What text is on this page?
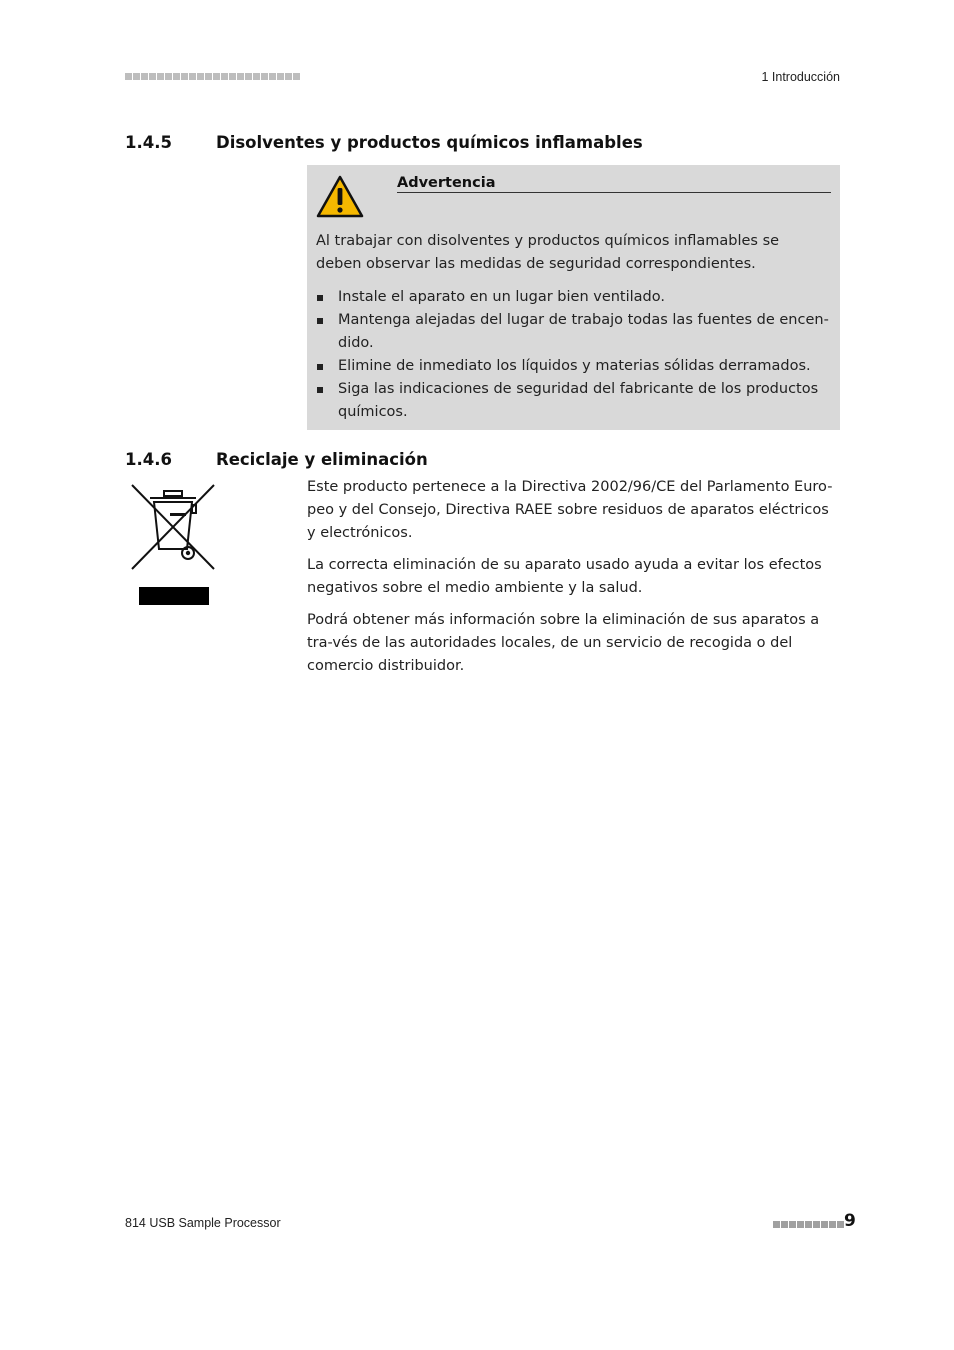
1 Introducción
1.4.5	Disolventes y productos químicos inflamables
Advertencia

Al trabajar con disolventes y productos químicos inflamables se deben observar las medidas de seguridad correspondientes.

Instale el aparato en un lugar bien ventilado.
Mantenga alejadas del lugar de trabajo todas las fuentes de encen-dido.
Elimine de inmediato los líquidos y materias sólidas derramados.
Siga las indicaciones de seguridad del fabricante de los productos químicos.
1.4.6	Reciclaje y eliminación

Este producto pertenece a la Directiva 2002/96/CE del Parlamento Euro-peo y del Consejo, Directiva RAEE sobre residuos de aparatos eléctricos y electrónicos.

La correcta eliminación de su aparato usado ayuda a evitar los efectos negativos sobre el medio ambiente y la salud.

Podrá obtener más información sobre la eliminación de sus aparatos a tra-vés de las autoridades locales, de un servicio de recogida o del comercio distribuidor.

814 USB Sample Processor	9
